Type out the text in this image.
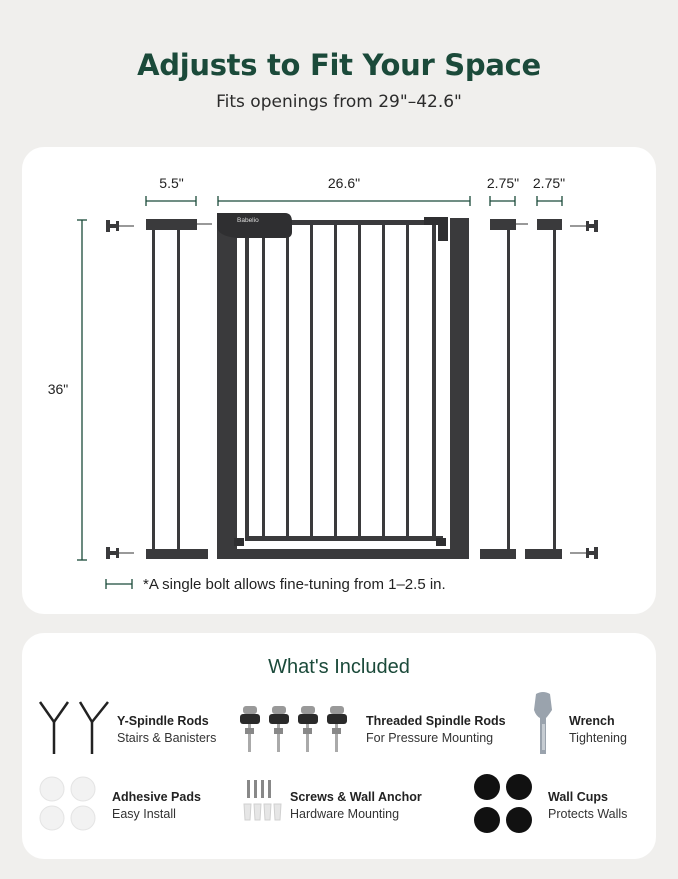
Adjusts to Fit Your Space
Fits openings from 29"–42.6"
5.5"	26.6"	2.75" 2.75"
36"
Babelio
*A single bolt allows fine-tuning from 1–2.5 in.
What's Included
Y-Spindle Rods
Stairs & Banisters
Threaded Spindle Rods
For Pressure Mounting
Wrench
Tightening
Adhesive Pads
Easy Install
Screws & Wall Anchor
Hardware Mounting
Wall Cups
Protects Walls
